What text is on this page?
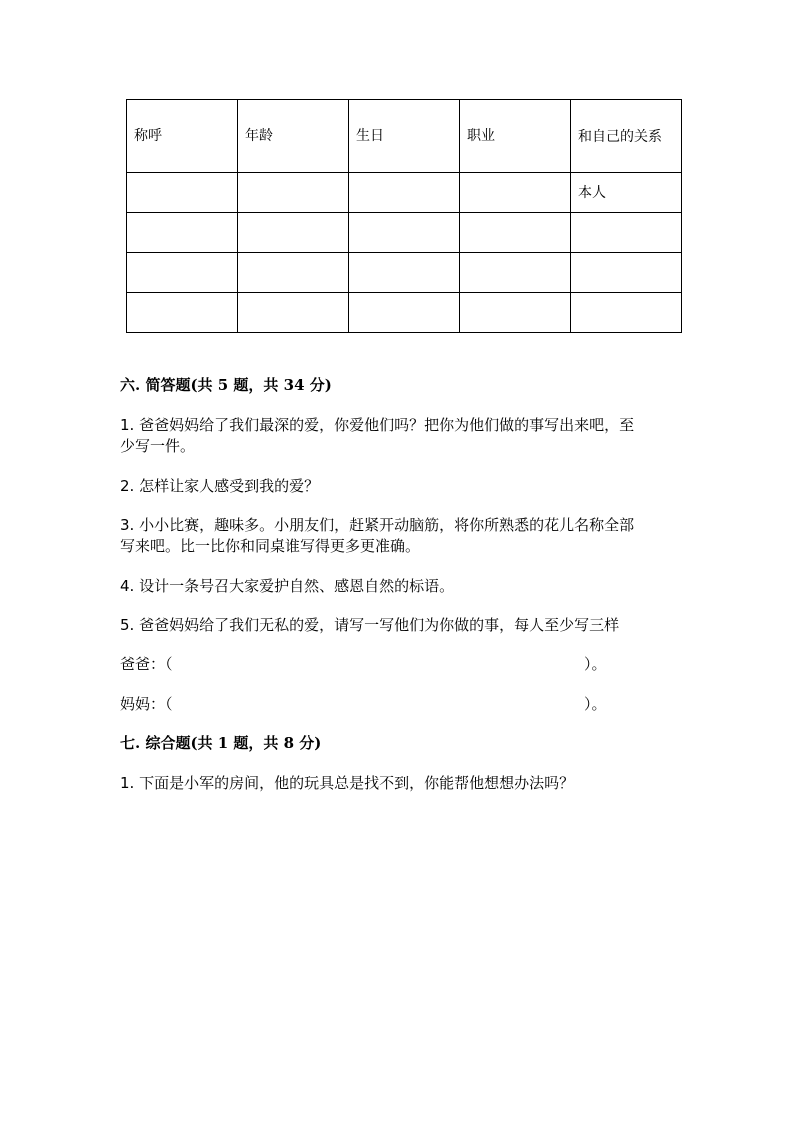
称呼	年龄	生日	职业	和自己的关系
				本人

六. 简答题(共 5 题，共 34 分)
1. 爸爸妈妈给了我们最深的爱，你爱他们吗？把你为他们做的事写出来吧，至
少写一件。
2. 怎样让家人感受到我的爱？
3. 小小比赛，趣味多。小朋友们，赶紧开动脑筋，将你所熟悉的花儿名称全部
写来吧。比一比你和同桌谁写得更多更准确。
4. 设计一条号召大家爱护自然、感恩自然的标语。
5. 爸爸妈妈给了我们无私的爱，请写一写他们为你做的事，每人至少写三样
爸爸：（	）。
妈妈：（	）。
七. 综合题(共 1 题，共 8 分)
1. 下面是小军的房间，他的玩具总是找不到，你能帮他想想办法吗？
